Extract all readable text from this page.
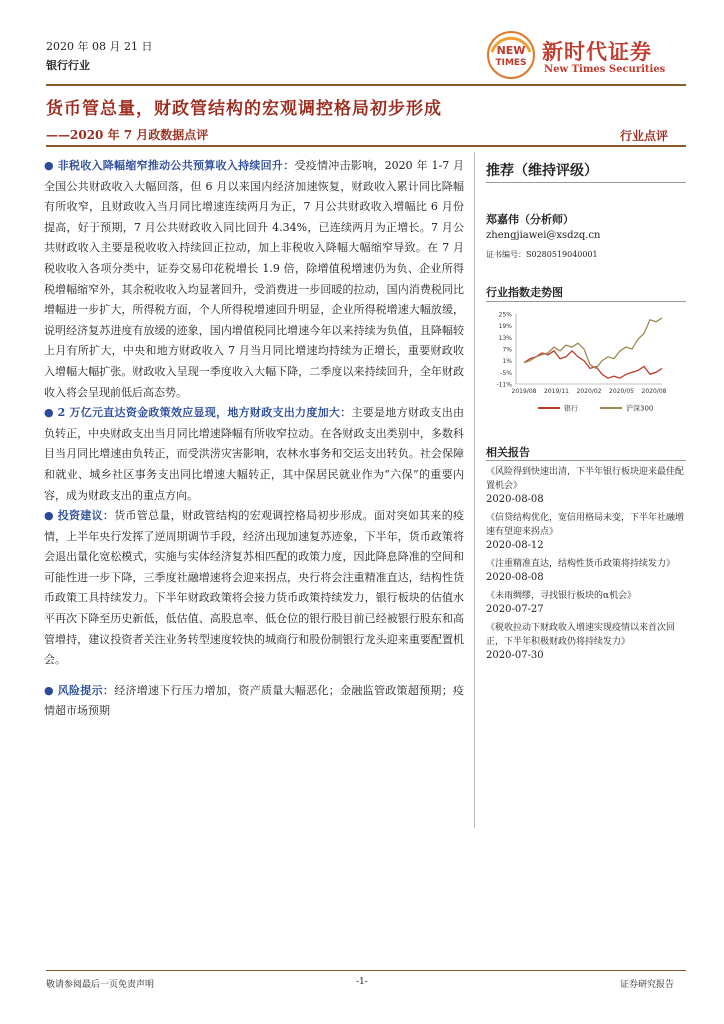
2020 年 08 月 21 日
银行行业
NEW
TIMES 新时代证券
New Times Securities
货币管总量，财政管结构的宏观调控格局初步形成
——2020 年 7 月政数据点评	行业点评

● 非税收入降幅缩窄推动公共预算收入持续回升：受疫情冲击影响，2020 年 1-7 月全国公共财政收入大幅回落，但 6 月以来国内经济加速恢复，财政收入累计同比降幅有所收窄，且财政收入当月同比增速连续两月为正，7 月公共财政收入增幅比 6 月份提高，好于预期，7 月公共财政收入同比回升 4.34%，已连续两月为正增长。7 月公共财政收入主要是税收收入持续回正拉动，加上非税收入降幅大幅缩窄导致。在 7 月税收收入各项分类中，证券交易印花税增长 1.9 倍，除增值税增速仍为负、企业所得税增幅缩窄外，其余税收收入均显著回升，受消费进一步回暖的拉动，国内消费税同比增幅进一步扩大，所得税方面，个人所得税增速回升明显，企业所得税增速大幅放缓，说明经济复苏进度有放缓的迹象，国内增值税同比增速今年以来持续为负值，且降幅较上月有所扩大，中央和地方财政收入 7 月当月同比增速均持续为正增长，重要财政收入增幅大幅扩张。财政收入呈现一季度收入大幅下降，二季度以来持续回升，全年财政收入将会呈现前低后高态势。

● 2 万亿元直达资金政策效应显现，地方财政支出力度加大：主要是地方财政支出由负转正，中央财政支出当月同比增速降幅有所收窄拉动。在各财政支出类别中，多数科目当月同比增速由负转正，而受洪涝灾害影响，农林水事务和交运支出转负。社会保障和就业、城乡社区事务支出同比增速大幅转正，其中保居民就业作为“六保”的重要内容，成为财政支出的重点方向。

● 投资建议：货币管总量，财政管结构的宏观调控格局初步形成。面对突如其来的疫情，上半年央行发挥了逆周期调节手段，经济出现加速复苏迹象，下半年，货币政策将会退出量化宽松模式，实施与实体经济复苏相匹配的政策力度，因此降息降准的空间和可能性进一步下降，三季度社融增速将会迎来拐点，央行将会注重精准直达，结构性货币政策工具持续发力。下半年财政政策将会接力货币政策持续发力，银行板块的估值水平再次下降至历史新低，低估值、高股息率、低仓位的银行股目前已经被银行股东和高管增持，建议投资者关注业务转型速度较快的城商行和股份制银行龙头迎来重要配置机会。

● 风险提示：经济增速下行压力增加，资产质量大幅恶化；金融监管政策超预期；疫情超市场预期

推荐（维持评级）
郑嘉伟（分析师）
zhengjiawei@xsdzq.cn
证书编号：S0280519040001
行业指数走势图
25%
19%
13%
7%
1%
-5%
-11%
2019/08 2019/11 2020/02 2020/05 2020/08
银行	沪深300
相关报告
《风险得到快速出清，下半年银行板块迎来最佳配置机会》
2020-08-08
《信贷结构优化，宽信用格局未变，下半年社融增速有望迎来拐点》
2020-08-12
《注重精准直达，结构性货币政策将持续发力》
2020-08-08
《未雨绸缪，寻找银行板块的α机会》
2020-07-27
《税收拉动下财政收入增速实现疫情以来首次回正，下半年积极财政仍将持续发力》
2020-07-30
敬请参阅最后一页免责声明	-1-	证券研究报告
